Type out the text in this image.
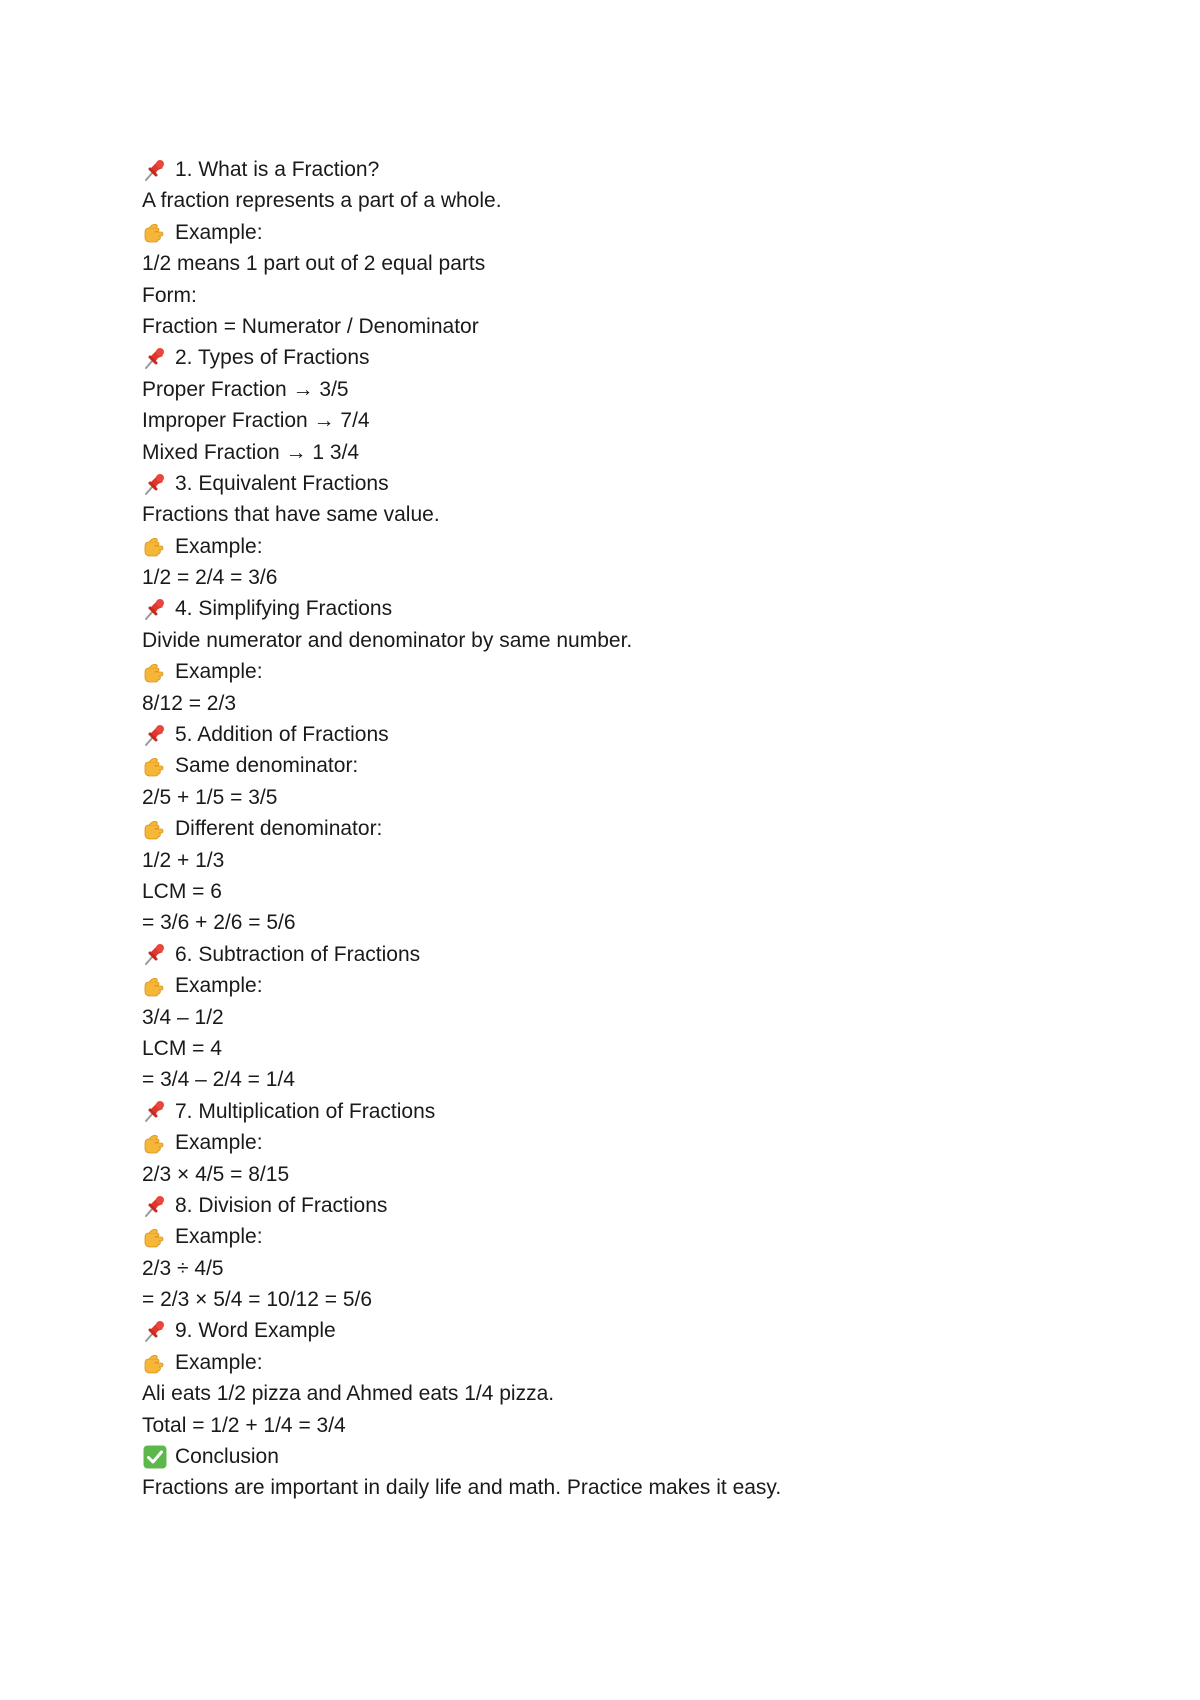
1. What is a Fraction?
A fraction represents a part of a whole.
Example:
1/2 means 1 part out of 2 equal parts
Form:
Fraction = Numerator / Denominator
2. Types of Fractions
Proper Fraction → 3/5
Improper Fraction → 7/4
Mixed Fraction → 1 3/4
3. Equivalent Fractions
Fractions that have same value.
Example:
1/2 = 2/4 = 3/6
4. Simplifying Fractions
Divide numerator and denominator by same number.
Example:
8/12 = 2/3
5. Addition of Fractions
Same denominator:
2/5 + 1/5 = 3/5
Different denominator:
1/2 + 1/3
LCM = 6
= 3/6 + 2/6 = 5/6
6. Subtraction of Fractions
Example:
3/4 – 1/2
LCM = 4
= 3/4 – 2/4 = 1/4
7. Multiplication of Fractions
Example:
2/3 × 4/5 = 8/15
8. Division of Fractions
Example:
2/3 ÷ 4/5
= 2/3 × 5/4 = 10/12 = 5/6
9. Word Example
Example:
Ali eats 1/2 pizza and Ahmed eats 1/4 pizza.
Total = 1/2 + 1/4 = 3/4
Conclusion
Fractions are important in daily life and math. Practice makes it easy.
